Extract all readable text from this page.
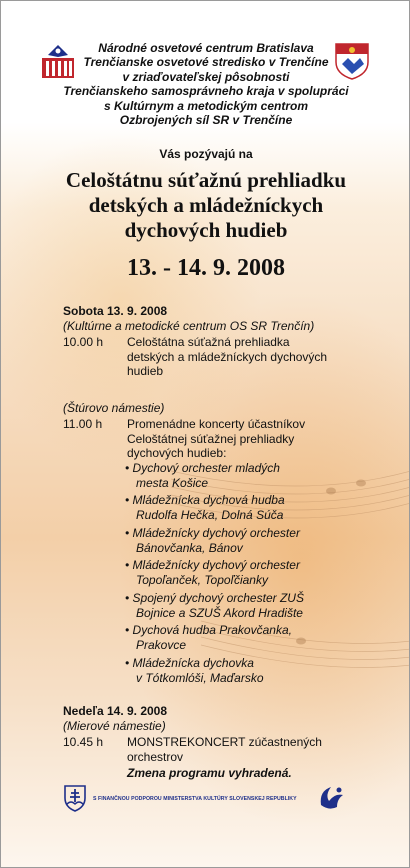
Národné osvetové centrum Bratislava
Trenčianske osvetové stredisko v Trenčíne
v zriaďovateľskej pôsobnosti
Trenčianskeho samosprávneho kraja v spolupráci
s Kultúrnym a metodickým centrom
Ozbrojených síl SR v Trenčíne
Vás pozývajú na
Celoštátnu súťažnú prehliadku
detských a mládežníckych
dychových hudieb
13. - 14. 9. 2008
Sobota 13. 9. 2008
(Kultúrne a metodické centrum OS SR Trenčín)
10.00 h Celoštátna súťažná prehliadka
detských a mládežníckych dychových
hudieb
(Štúrovo námestie)
11.00 h Promenádne koncerty účastníkov
Celoštátnej súťažnej prehliadky
dychových hudieb:
• Dychový orchester mladých
mesta Košice
• Mládežnícka dychová hudba
Rudolfa Hečka, Dolná Súča
• Mládežnícky dychový orchester
Bánovčanka, Bánov
• Mládežnícky dychový orchester
Topoľanček, Topoľčianky
• Spojený dychový orchester ZUŠ
Bojnice a SZUŠ Akord Hradište
• Dychová hudba Prakovčanka,
Prakovce
• Mládežnícka dychovka
v Tótkomlóši, Maďarsko
Nedeľa 14. 9. 2008
(Mierové námestie)
10.45 h MONSTREKONCERT zúčastnených
orchestrov
Zmena programu vyhradená.
S FINANČNOU PODPOROU MINISTERSTVA KULTÚRY SLOVENSKEJ REPUBLIKY
